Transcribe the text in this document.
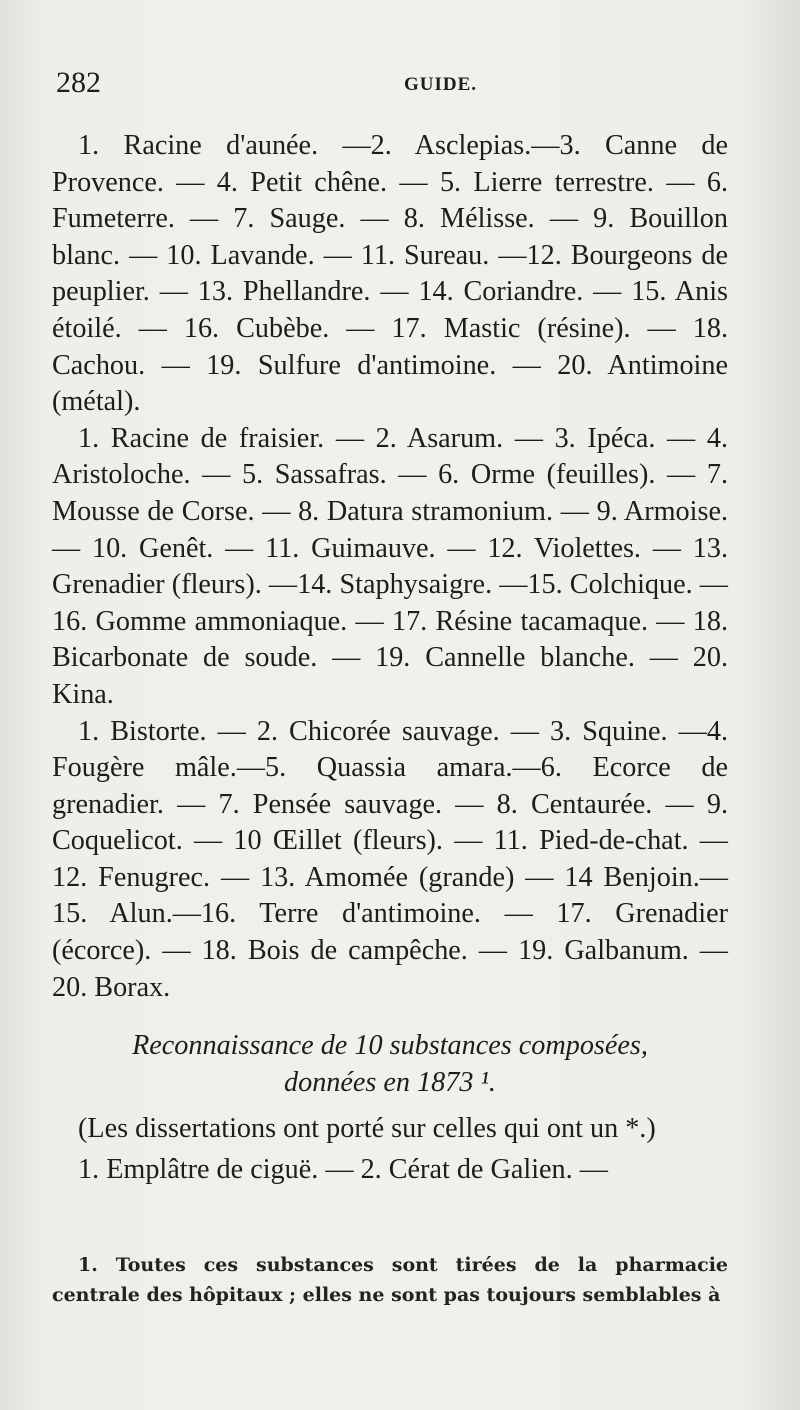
282	GUIDE.

1. Racine d'aunée. —2. Asclepias.—3. Canne de Provence. — 4. Petit chêne. — 5. Lierre terrestre. — 6. Fumeterre. — 7. Sauge. — 8. Mélisse. — 9. Bouillon blanc. — 10. Lavande. — 11. Sureau. —12. Bourgeons de peuplier. — 13. Phellandre. — 14. Coriandre. — 15. Anis étoilé. — 16. Cubèbe. — 17. Mastic (résine). — 18. Cachou. — 19. Sulfure d'antimoine. — 20. Antimoine (métal).

1. Racine de fraisier. — 2. Asarum. — 3. Ipéca. — 4. Aristoloche. — 5. Sassafras. — 6. Orme (feuilles). — 7. Mousse de Corse. — 8. Datura stramonium. — 9. Armoise. — 10. Genêt. — 11. Guimauve. — 12. Violettes. — 13. Grenadier (fleurs). —14. Staphysaigre. —15. Colchique. —16. Gomme ammoniaque. — 17. Résine tacamaque. — 18. Bicarbonate de soude. — 19. Cannelle blanche. — 20. Kina.

1. Bistorte. — 2. Chicorée sauvage. — 3. Squine. —4. Fougère mâle.—5. Quassia amara.—6. Ecorce de grenadier. — 7. Pensée sauvage. — 8. Centaurée. — 9. Coquelicot. — 10 Œillet (fleurs). — 11. Pied-de-chat. — 12. Fenugrec. — 13. Amomée (grande) — 14 Benjoin.—15. Alun.—16. Terre d'antimoine. — 17. Grenadier (écorce). — 18. Bois de campêche. — 19. Galbanum. — 20. Borax.

Reconnaissance de 10 substances composées,
données en 1873 ¹.

(Les dissertations ont porté sur celles qui ont un *.)

1. Emplâtre de ciguë. — 2. Cérat de Galien. —

1. Toutes ces substances sont tirées de la pharmacie centrale des hôpitaux ; elles ne sont pas toujours semblables à
